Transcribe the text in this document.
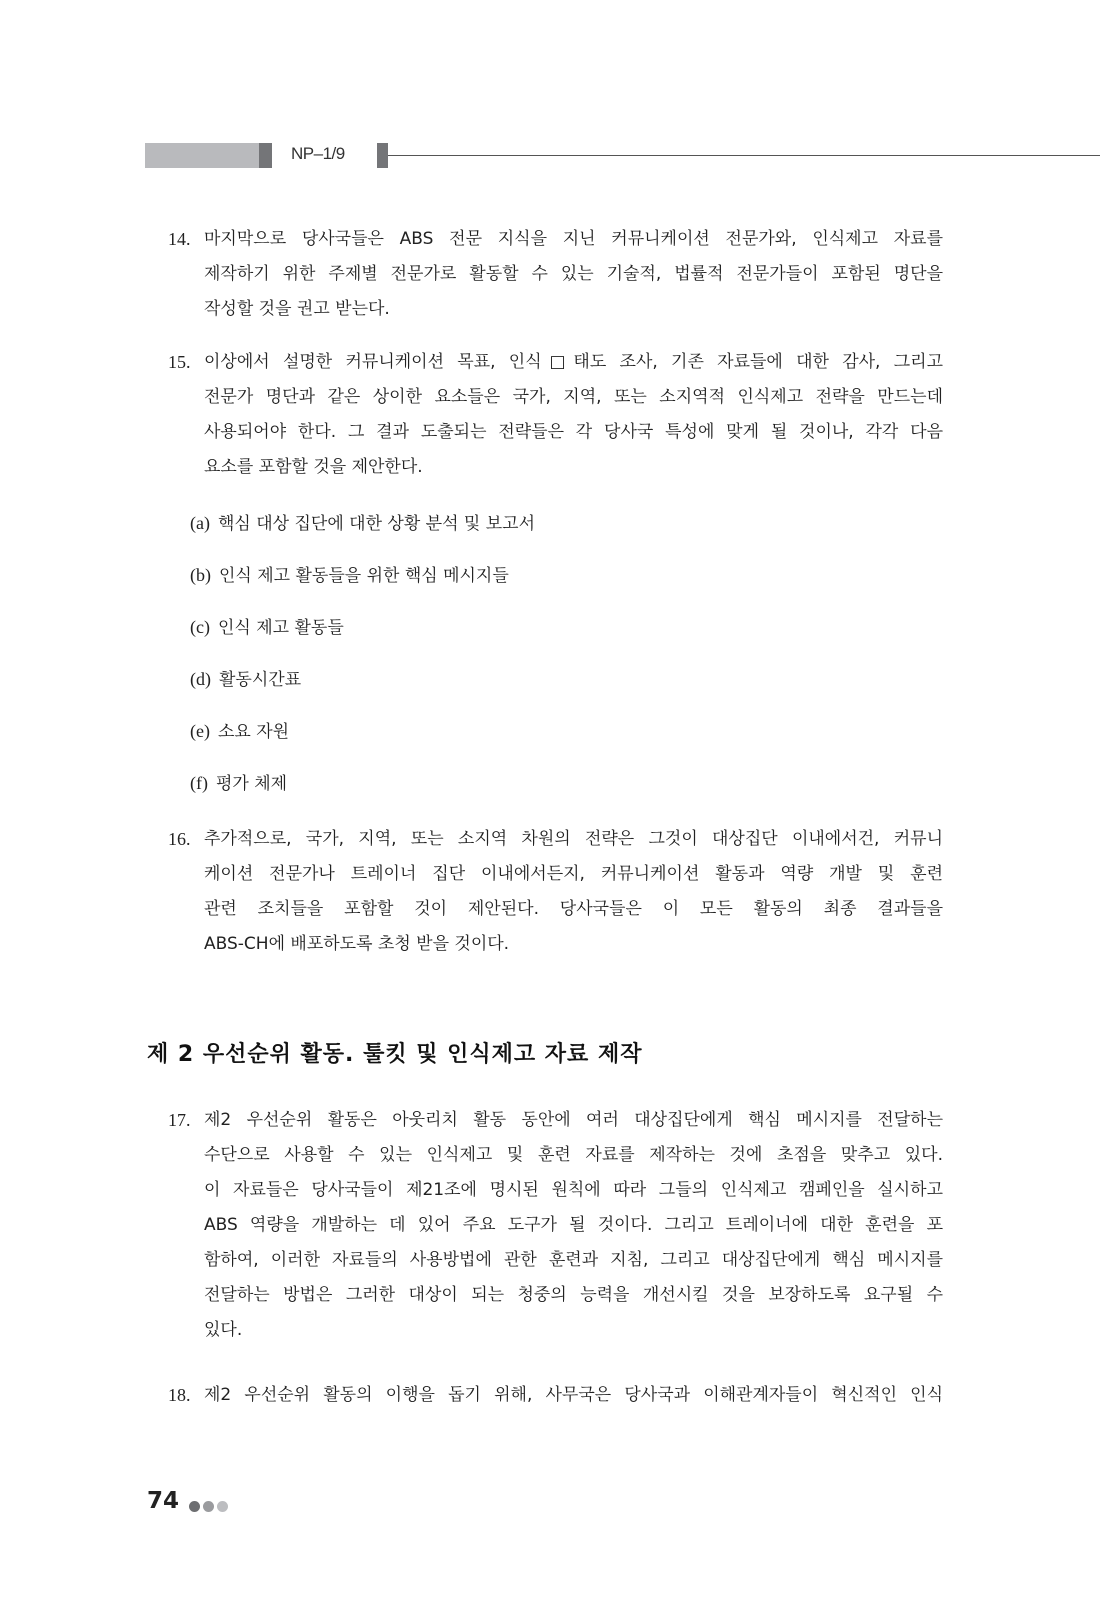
NP–1/9
14. 마지막으로 당사국들은 ABS 전문 지식을 지닌 커뮤니케이션 전문가와, 인식제고 자료를
제작하기 위한 주제별 전문가로 활동할 수 있는 기술적, 법률적 전문가들이 포함된 명단을
작성할 것을 권고 받는다.
15. 이상에서 설명한 커뮤니케이션 목표, 인식□태도 조사, 기존 자료들에 대한 감사, 그리고
전문가 명단과 같은 상이한 요소들은 국가, 지역, 또는 소지역적 인식제고 전략을 만드는데
사용되어야 한다. 그 결과 도출되는 전략들은 각 당사국 특성에 맞게 될 것이나, 각각 다음
요소를 포함할 것을 제안한다.
(a) 핵심 대상 집단에 대한 상황 분석 및 보고서
(b) 인식 제고 활동들을 위한 핵심 메시지들
(c) 인식 제고 활동들
(d) 활동시간표
(e) 소요 자원
(f) 평가 체제
16. 추가적으로, 국가, 지역, 또는 소지역 차원의 전략은 그것이 대상집단 이내에서건, 커뮤니
케이션 전문가나 트레이너 집단 이내에서든지, 커뮤니케이션 활동과 역량 개발 및 훈련
관련 조치들을 포함할 것이 제안된다. 당사국들은 이 모든 활동의 최종 결과들을
ABS-CH에 배포하도록 초청 받을 것이다.
제 2 우선순위 활동. 툴킷 및 인식제고 자료 제작
17. 제2 우선순위 활동은 아웃리치 활동 동안에 여러 대상집단에게 핵심 메시지를 전달하는
수단으로 사용할 수 있는 인식제고 및 훈련 자료를 제작하는 것에 초점을 맞추고 있다.
이 자료들은 당사국들이 제21조에 명시된 원칙에 따라 그들의 인식제고 캠페인을 실시하고
ABS 역량을 개발하는 데 있어 주요 도구가 될 것이다. 그리고 트레이너에 대한 훈련을 포
함하여, 이러한 자료들의 사용방법에 관한 훈련과 지침, 그리고 대상집단에게 핵심 메시지를
전달하는 방법은 그러한 대상이 되는 청중의 능력을 개선시킬 것을 보장하도록 요구될 수
있다.
18. 제2 우선순위 활동의 이행을 돕기 위해, 사무국은 당사국과 이해관계자들이 혁신적인 인식
74
